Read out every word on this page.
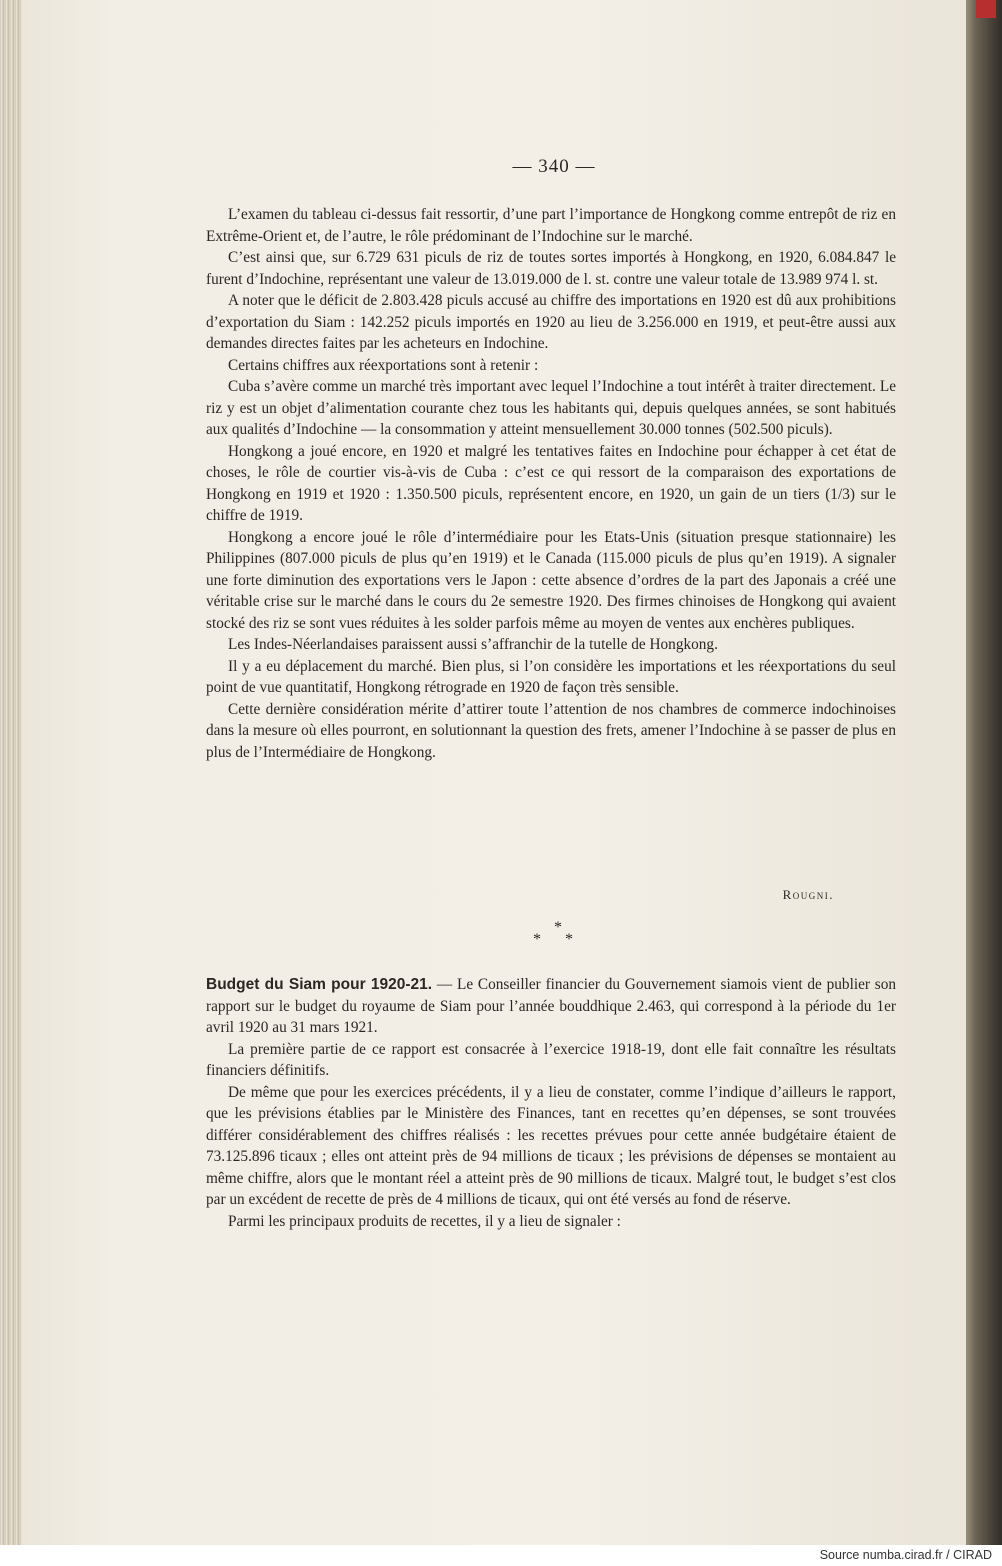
— 340 —

L’examen du tableau ci-dessus fait ressortir, d’une part l’importance de Hongkong comme entrepôt de riz en Extrême-Orient et, de l’autre, le rôle prédominant de l’Indochine sur le marché.

C’est ainsi que, sur 6.729 631 piculs de riz de toutes sortes importés à Hongkong, en 1920, 6.084.847 le furent d’Indochine, représentant une valeur de 13.019.000 de l. st. contre une valeur totale de 13.989 974 l. st.

A noter que le déficit de 2.803.428 piculs accusé au chiffre des importations en 1920 est dû aux prohibitions d’exportation du Siam : 142.252 piculs importés en 1920 au lieu de 3.256.000 en 1919, et peut-être aussi aux demandes directes faites par les acheteurs en Indochine.

Certains chiffres aux réexportations sont à retenir :

Cuba s’avère comme un marché très important avec lequel l’Indochine a tout intérêt à traiter directement. Le riz y est un objet d’alimentation courante chez tous les habitants qui, depuis quelques années, se sont habitués aux qualités d’Indochine — la consommation y atteint mensuellement 30.000 tonnes (502.500 piculs).

Hongkong a joué encore, en 1920 et malgré les tentatives faites en Indochine pour échapper à cet état de choses, le rôle de courtier vis-à-vis de Cuba : c’est ce qui ressort de la comparaison des exportations de Hongkong en 1919 et 1920 : 1.350.500 piculs, représentent encore, en 1920, un gain de un tiers (1/3) sur le chiffre de 1919.

Hongkong a encore joué le rôle d’intermédiaire pour les Etats-Unis (situation presque stationnaire) les Philippines (807.000 piculs de plus qu’en 1919) et le Canada (115.000 piculs de plus qu’en 1919). A signaler une forte diminution des exportations vers le Japon : cette absence d’ordres de la part des Japonais a créé une véritable crise sur le marché dans le cours du 2e semestre 1920. Des firmes chinoises de Hongkong qui avaient stocké des riz se sont vues réduites à les solder parfois même au moyen de ventes aux enchères publiques.

Les Indes-Néerlandaises paraissent aussi s’affranchir de la tutelle de Hongkong.

Il y a eu déplacement du marché. Bien plus, si l’on considère les importations et les réexportations du seul point de vue quantitatif, Hongkong rétrograde en 1920 de façon très sensible.

Cette dernière considération mérite d’attirer toute l’attention de nos chambres de commerce indochinoises dans la mesure où elles pourront, en solutionnant la question des frets, amener l’Indochine à se passer de plus en plus de l’Intermédiaire de Hongkong.

Rougni.
*
* *

Budget du Siam pour 1920-21. — Le Conseiller financier du Gouvernement siamois vient de publier son rapport sur le budget du royaume de Siam pour l’année bouddhique 2.463, qui correspond à la période du 1er avril 1920 au 31 mars 1921.

La première partie de ce rapport est consacrée à l’exercice 1918-19, dont elle fait connaître les résultats financiers définitifs.

De même que pour les exercices précédents, il y a lieu de constater, comme l’indique d’ailleurs le rapport, que les prévisions établies par le Ministère des Finances, tant en recettes qu’en dépenses, se sont trouvées différer considérablement des chiffres réalisés : les recettes prévues pour cette année budgétaire étaient de 73.125.896 ticaux ; elles ont atteint près de 94 millions de ticaux ; les prévisions de dépenses se montaient au même chiffre, alors que le montant réel a atteint près de 90 millions de ticaux. Malgré tout, le budget s’est clos par un excédent de recette de près de 4 millions de ticaux, qui ont été versés au fond de réserve.

Parmi les principaux produits de recettes, il y a lieu de signaler :

Source numba.cirad.fr / CIRAD
